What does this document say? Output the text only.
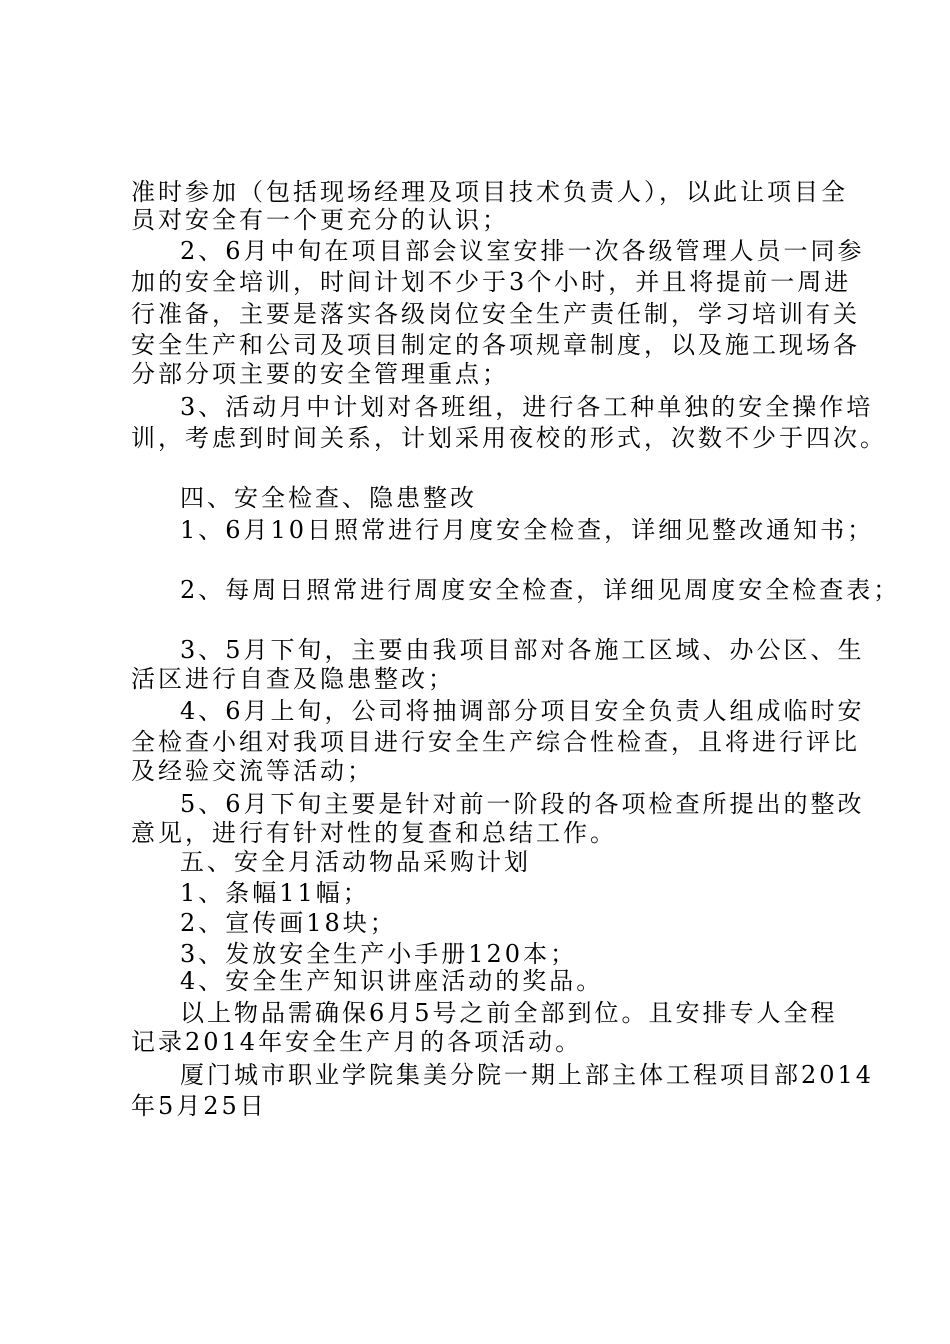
准时参加（包括现场经理及项目技术负责人），以此让项目全
员对安全有一个更充分的认识；
2、6月中旬在项目部会议室安排一次各级管理人员一同参
加的安全培训，时间计划不少于3个小时，并且将提前一周进
行准备，主要是落实各级岗位安全生产责任制，学习培训有关
安全生产和公司及项目制定的各项规章制度，以及施工现场各
分部分项主要的安全管理重点；
3、活动月中计划对各班组，进行各工种单独的安全操作培
训，考虑到时间关系，计划采用夜校的形式，次数不少于四次。
四、安全检查、隐患整改
1、6月10日照常进行月度安全检查，详细见整改通知书；
2、每周日照常进行周度安全检查，详细见周度安全检查表；
3、5月下旬，主要由我项目部对各施工区域、办公区、生
活区进行自查及隐患整改；
4、6月上旬，公司将抽调部分项目安全负责人组成临时安
全检查小组对我项目进行安全生产综合性检查，且将进行评比
及经验交流等活动；
5、6月下旬主要是针对前一阶段的各项检查所提出的整改
意见，进行有针对性的复查和总结工作。
五、安全月活动物品采购计划
1、条幅11幅；
2、宣传画18块；
3、发放安全生产小手册120本；
4、安全生产知识讲座活动的奖品。
以上物品需确保6月5号之前全部到位。且安排专人全程
记录2014年安全生产月的各项活动。
厦门城市职业学院集美分院一期上部主体工程项目部2014
年5月25日
